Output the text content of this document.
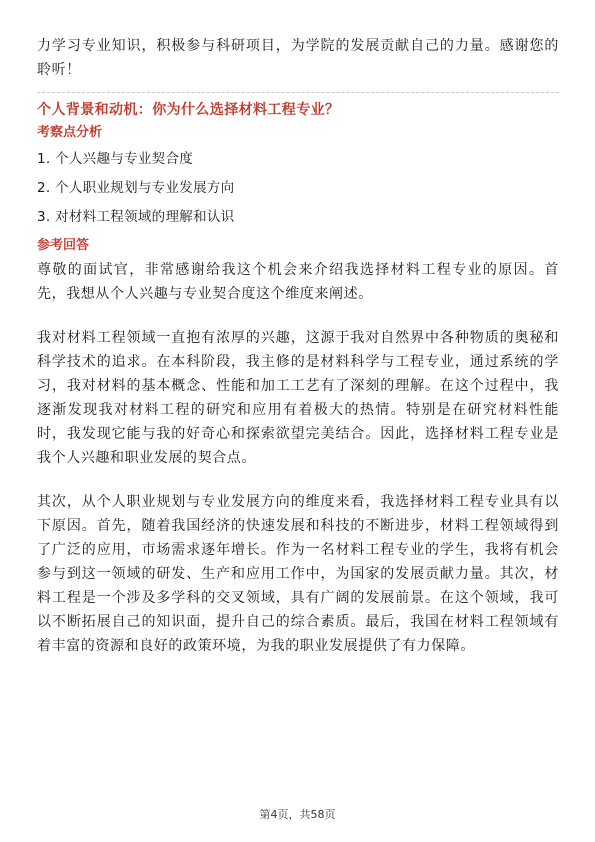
力学习专业知识，积极参与科研项目，为学院的发展贡献自己的力量。感谢您的聆听！

个人背景和动机：你为什么选择材料工程专业？

考察点分析

1. 个人兴趣与专业契合度

2. 个人职业规划与专业发展方向

3. 对材料工程领域的理解和认识

参考回答

尊敬的面试官，非常感谢给我这个机会来介绍我选择材料工程专业的原因。首先，我想从个人兴趣与专业契合度这个维度来阐述。

我对材料工程领域一直抱有浓厚的兴趣，这源于我对自然界中各种物质的奥秘和科学技术的追求。在本科阶段，我主修的是材料科学与工程专业，通过系统的学习，我对材料的基本概念、性能和加工工艺有了深刻的理解。在这个过程中，我逐渐发现我对材料工程的研究和应用有着极大的热情。特别是在研究材料性能时，我发现它能与我的好奇心和探索欲望完美结合。因此，选择材料工程专业是我个人兴趣和职业发展的契合点。

其次，从个人职业规划与专业发展方向的维度来看，我选择材料工程专业具有以下原因。首先，随着我国经济的快速发展和科技的不断进步，材料工程领域得到了广泛的应用，市场需求逐年增长。作为一名材料工程专业的学生，我将有机会参与到这一领域的研发、生产和应用工作中，为国家的发展贡献力量。其次，材料工程是一个涉及多学科的交叉领域，具有广阔的发展前景。在这个领域，我可以不断拓展自己的知识面，提升自己的综合素质。最后，我国在材料工程领域有着丰富的资源和良好的政策环境，为我的职业发展提供了有力保障。

第4页，共58页
